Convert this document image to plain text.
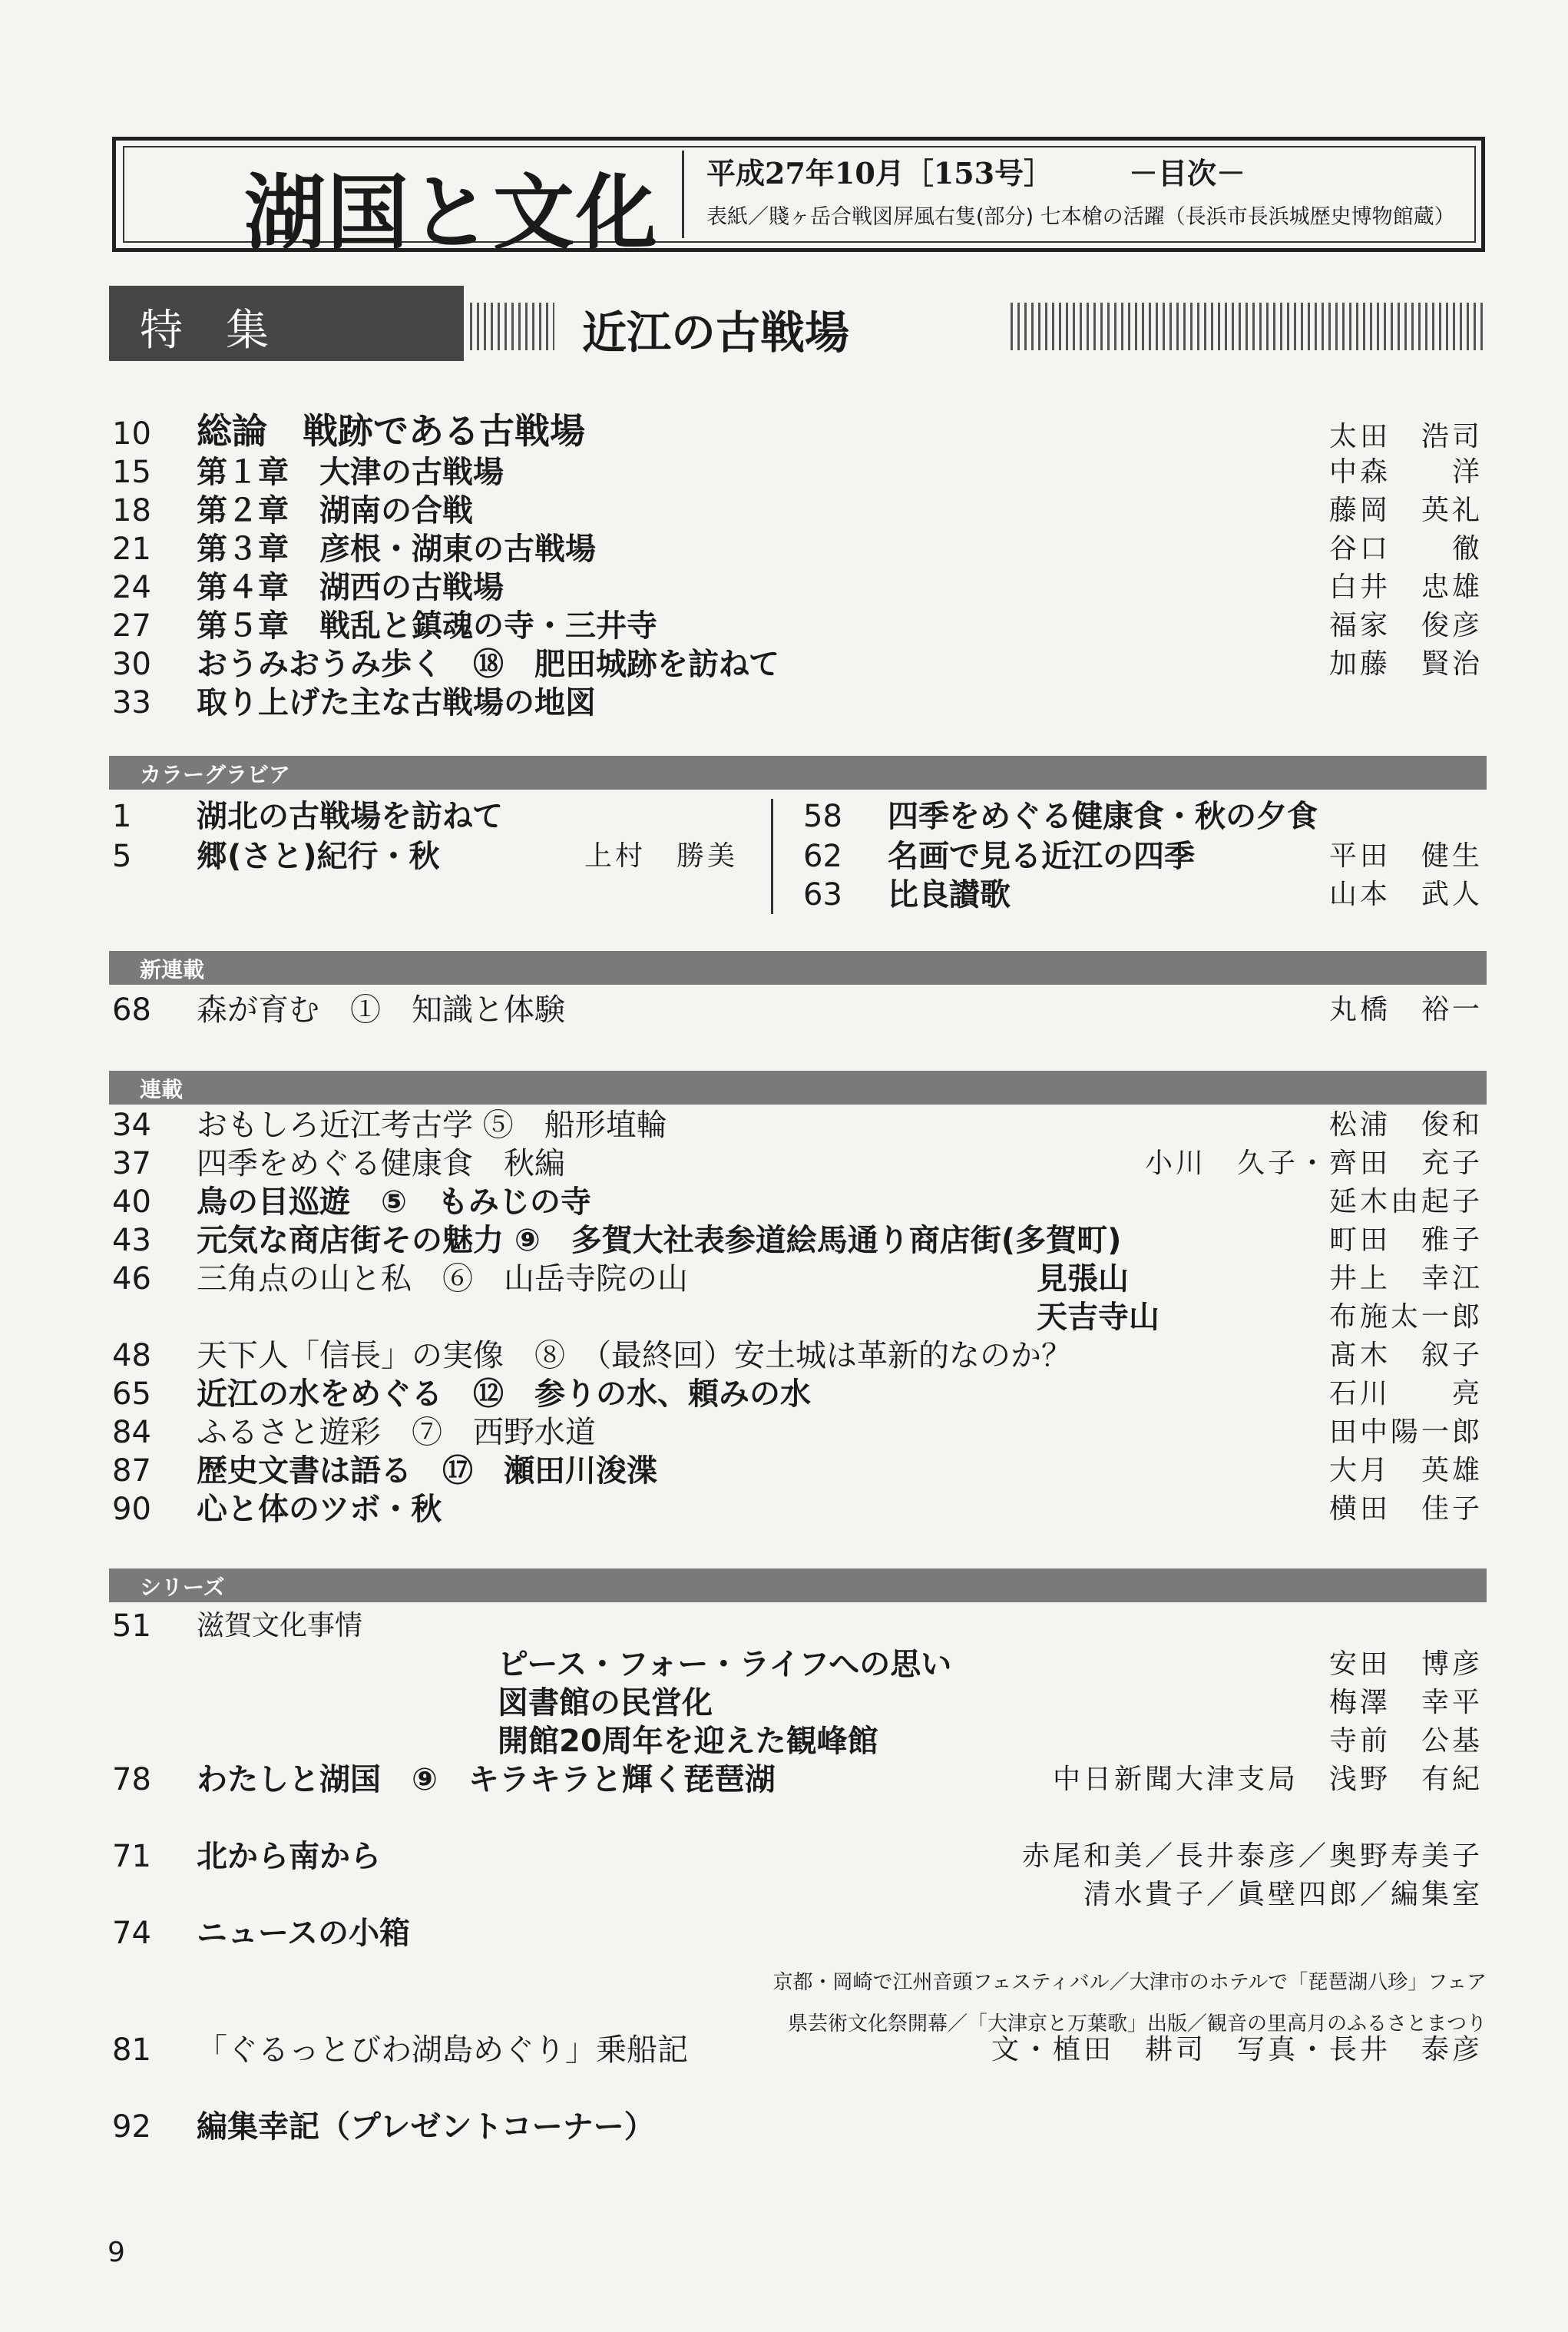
湖国と文化 平成27年10月［153号］	－目次－
表紙／賤ヶ岳合戦図屏風右隻(部分) 七本槍の活躍（長浜市長浜城歴史博物館蔵）
特集	近江の古戦場
10 総論　戦跡である古戦場	太田　浩司
15 第１章　大津の古戦場	中森　　洋
18 第２章　湖南の合戦	藤岡　英礼
21 第３章　彦根・湖東の古戦場	谷口　　徹
24 第４章　湖西の古戦場	白井　忠雄
27 第５章　戦乱と鎮魂の寺・三井寺	福家　俊彦
30 おうみおうみ歩く　⑱　肥田城跡を訪ねて	加藤　賢治
33 取り上げた主な古戦場の地図
カラーグラビア
1 湖北の古戦場を訪ねて
5 郷(さと)紀行・秋	上村　勝美
58 四季をめぐる健康食・秋の夕食
62 名画で見る近江の四季	平田　健生
63 比良讃歌	山本　武人
新連載
68 森が育む　①　知識と体験	丸橋　裕一
連載
34 おもしろ近江考古学 ⑤　船形埴輪	松浦　俊和
37 四季をめぐる健康食　秋編	小川　久子・齊田　充子
40 鳥の目巡遊　⑤　もみじの寺	延木由起子
43 元気な商店街その魅力 ⑨　多賀大社表参道絵馬通り商店街(多賀町)	町田　雅子
46 三角点の山と私　⑥　山岳寺院の山	見張山	井上　幸江
天吉寺山	布施太一郎
48 天下人「信長」の実像　⑧　（最終回）安土城は革新的なのか？	髙木　叙子
65 近江の水をめぐる　⑫　参りの水、頼みの水	石川　　亮
84 ふるさと遊彩　⑦　西野水道	田中陽一郎
87 歴史文書は語る　⑰　瀬田川浚渫	大月　英雄
90 心と体のツボ・秋	横田　佳子
シリーズ
51 滋賀文化事情
ピース・フォー・ライフへの思い	安田　博彦
図書館の民営化	梅澤　幸平
開館20周年を迎えた観峰館	寺前　公基
78 わたしと湖国　⑨　キラキラと輝く琵琶湖	中日新聞大津支局　浅野　有紀
71 北から南から	赤尾和美／長井泰彦／奥野寿美子
清水貴子／眞壁四郎／編集室
74 ニュースの小箱
京都・岡崎で江州音頭フェスティバル／大津市のホテルで「琵琶湖八珍」フェア
県芸術文化祭開幕／「大津京と万葉歌」出版／観音の里高月のふるさとまつり
81 「ぐるっとびわ湖島めぐり」乗船記	文・植田　耕司　写真・長井　泰彦
92 編集幸記（プレゼントコーナー）
9
